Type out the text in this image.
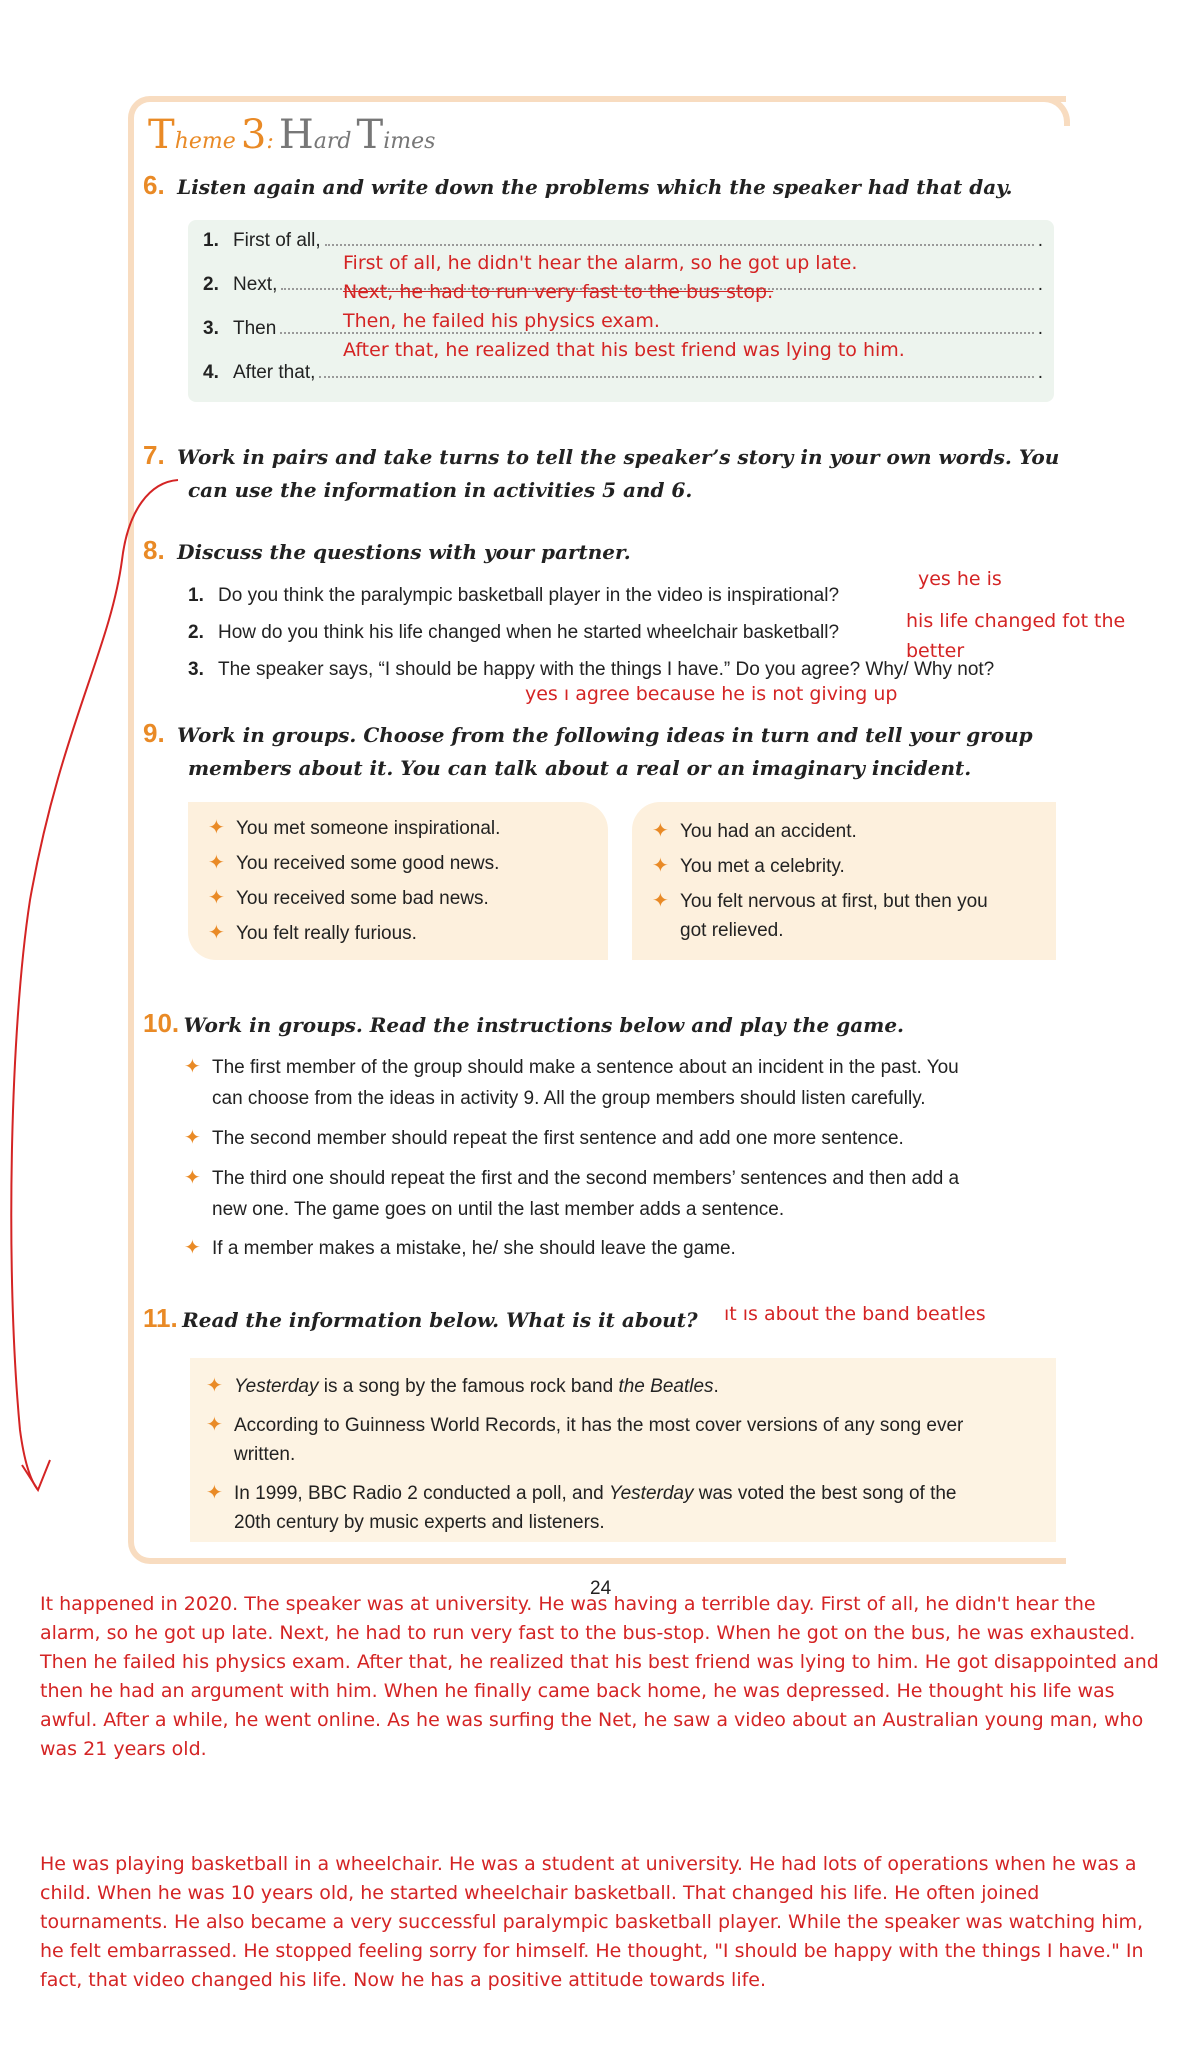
Theme 3: Hard Times
6. Listen again and write down the problems which the speaker had that day.
1. First of all,	.
2. Next,	.
3. Then	.
4. After that,	.
First of all, he didn't hear the alarm, so he got up late.
Next, he had to run very fast to the bus stop.
Then, he failed his physics exam.
After that, he realized that his best friend was lying to him.
7. Work in pairs and take turns to tell the speaker’s story in your own words. You
can use the information in activities 5 and 6.
8. Discuss the questions with your partner.
1. Do you think the paralympic basketball player in the video is inspirational?
2. How do you think his life changed when he started wheelchair basketball?
3. The speaker says, “I should be happy with the things I have.” Do you agree? Why/ Why not?
yes he is
his life changed fot the
better
yes ı agree because he is not giving up
9. Work in groups. Choose from the following ideas in turn and tell your group
members about it. You can talk about a real or an imaginary incident.
✦ You met someone inspirational.
✦ You received some good news.
✦ You received some bad news.
✦ You felt really furious.
✦ You had an accident.
✦ You met a celebrity.
✦ You felt nervous at first, but then you
got relieved.
10. Work in groups. Read the instructions below and play the game.
✦ The first member of the group should make a sentence about an incident in the past. You
can choose from the ideas in activity 9. All the group members should listen carefully.
✦ The second member should repeat the first sentence and add one more sentence.
✦ The third one should repeat the first and the second members’ sentences and then add a
new one. The game goes on until the last member adds a sentence.
✦ If a member makes a mistake, he/ she should leave the game.
11. Read the information below. What is it about? ıt ıs about the band beatles
✦ Yesterday is a song by the famous rock band the Beatles.
✦ According to Guinness World Records, it has the most cover versions of any song ever
written.
✦ In 1999, BBC Radio 2 conducted a poll, and Yesterday was voted the best song of the
20th century by music experts and listeners.
24
It happened in 2020. The speaker was at university. He was having a terrible day. First of all, he didn't hear the
alarm, so he got up late. Next, he had to run very fast to the bus-stop. When he got on the bus, he was exhausted.
Then he failed his physics exam. After that, he realized that his best friend was lying to him. He got disappointed and
then he had an argument with him. When he finally came back home, he was depressed. He thought his life was
awful. After a while, he went online. As he was surfing the Net, he saw a video about an Australian young man, who
was 21 years old.
He was playing basketball in a wheelchair. He was a student at university. He had lots of operations when he was a
child. When he was 10 years old, he started wheelchair basketball. That changed his life. He often joined
tournaments. He also became a very successful paralympic basketball player. While the speaker was watching him,
he felt embarrassed. He stopped feeling sorry for himself. He thought, "I should be happy with the things I have." In
fact, that video changed his life. Now he has a positive attitude towards life.
